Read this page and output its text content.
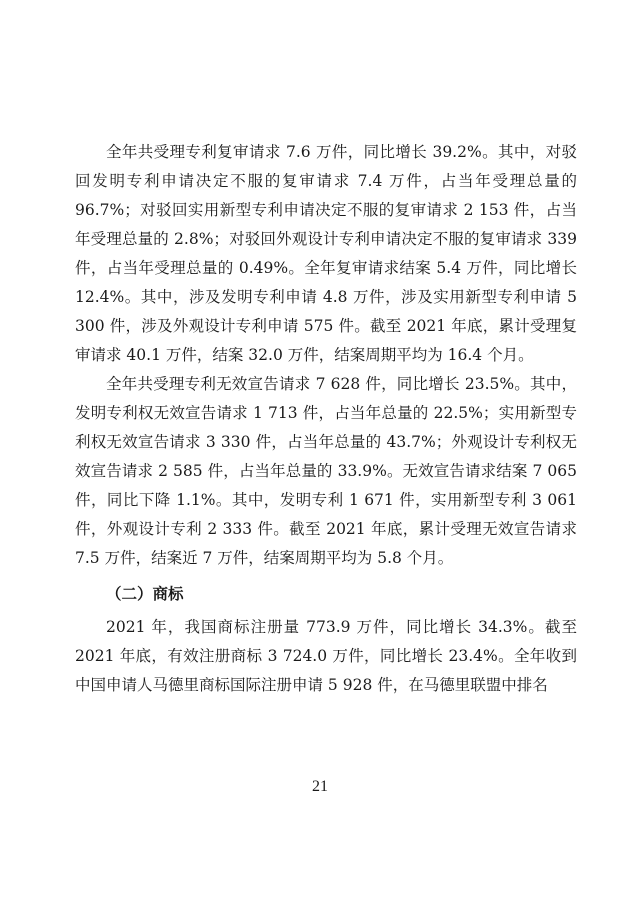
全年共受理专利复审请求 7.6 万件，同比增长 39.2%。其中，对驳回发明专利申请决定不服的复审请求 7.4 万件，占当年受理总量的 96.7%；对驳回实用新型专利申请决定不服的复审请求 2 153 件，占当年受理总量的 2.8%；对驳回外观设计专利申请决定不服的复审请求 339 件，占当年受理总量的 0.49%。全年复审请求结案 5.4 万件，同比增长 12.4%。其中，涉及发明专利申请 4.8 万件，涉及实用新型专利申请 5 300 件，涉及外观设计专利申请 575 件。截至 2021 年底，累计受理复审请求 40.1 万件，结案 32.0 万件，结案周期平均为 16.4 个月。

全年共受理专利无效宣告请求 7 628 件，同比增长 23.5%。其中，发明专利权无效宣告请求 1 713 件，占当年总量的 22.5%；实用新型专利权无效宣告请求 3 330 件，占当年总量的 43.7%；外观设计专利权无效宣告请求 2 585 件，占当年总量的 33.9%。无效宣告请求结案 7 065 件，同比下降 1.1%。其中，发明专利 1 671 件，实用新型专利 3 061 件，外观设计专利 2 333 件。截至 2021 年底，累计受理无效宣告请求 7.5 万件，结案近 7 万件，结案周期平均为 5.8 个月。

（二）商标

2021 年，我国商标注册量 773.9 万件，同比增长 34.3%。截至 2021 年底，有效注册商标 3 724.0 万件，同比增长 23.4%。全年收到中国申请人马德里商标国际注册申请 5 928 件，在马德里联盟中排名

21
